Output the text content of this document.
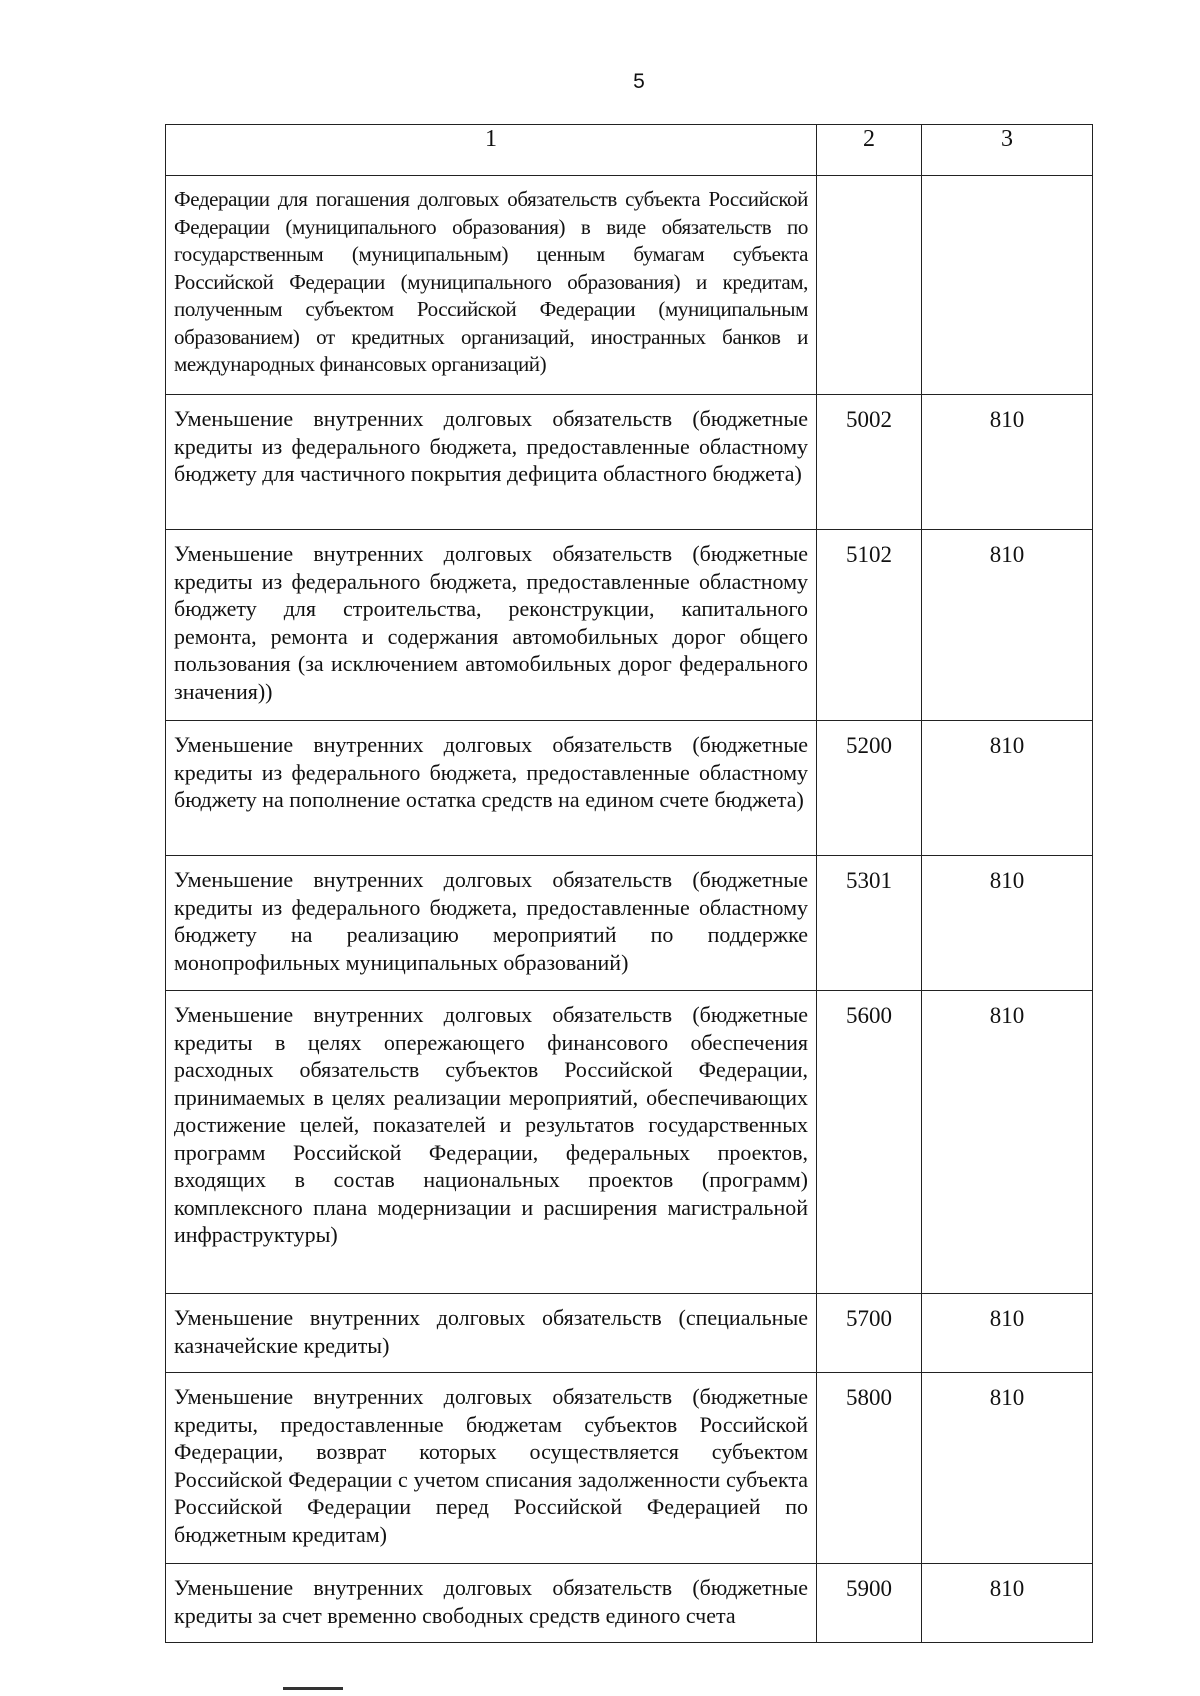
5
1	2	3
Федерации для погашения долговых обязательств субъекта Российской Федерации (муниципального образования) в виде обязательств по государственным (муниципальным) ценным бумагам субъекта Российской Федерации (муниципального образования) и кредитам, полученным субъектом Российской Федерации (муниципальным образованием) от кредитных организаций, иностранных банков и международных финансовых организаций)		
Уменьшение внутренних долговых обязательств (бюджетные кредиты из федерального бюджета, предоставленные областному бюджету для частичного покрытия дефицита областного бюджета)	5002	810
Уменьшение внутренних долговых обязательств (бюджетные кредиты из федерального бюджета, предоставленные областному бюджету для строительства, реконструкции, капитального ремонта, ремонта и содержания автомобильных дорог общего пользования (за исключением автомобильных дорог федерального значения))	5102	810
Уменьшение внутренних долговых обязательств (бюджетные кредиты из федерального бюджета, предоставленные областному бюджету на пополнение остатка средств на едином счете бюджета)	5200	810
Уменьшение внутренних долговых обязательств (бюджетные кредиты из федерального бюджета, предоставленные областному бюджету на реализацию мероприятий по поддержке монопрофильных муниципальных образований)	5301	810
Уменьшение внутренних долговых обязательств (бюджетные кредиты в целях опережающего финансового обеспечения расходных обязательств субъектов Российской Федерации, принимаемых в целях реализации мероприятий, обеспечивающих достижение целей, показателей и результатов государственных программ Российской Федерации, федеральных проектов, входящих в состав национальных проектов (программ) комплексного плана модернизации и расширения магистральной инфраструктуры)	5600	810
Уменьшение внутренних долговых обязательств (специальные казначейские кредиты)	5700	810
Уменьшение внутренних долговых обязательств (бюджетные кредиты, предоставленные бюджетам субъектов Российской Федерации, возврат которых осуществляется субъектом Российской Федерации с учетом списания задолженности субъекта Российской Федерации перед Российской Федерацией по бюджетным кредитам)	5800	810
Уменьшение внутренних долговых обязательств (бюджетные кредиты за счет временно свободных средств единого счета	5900	810
